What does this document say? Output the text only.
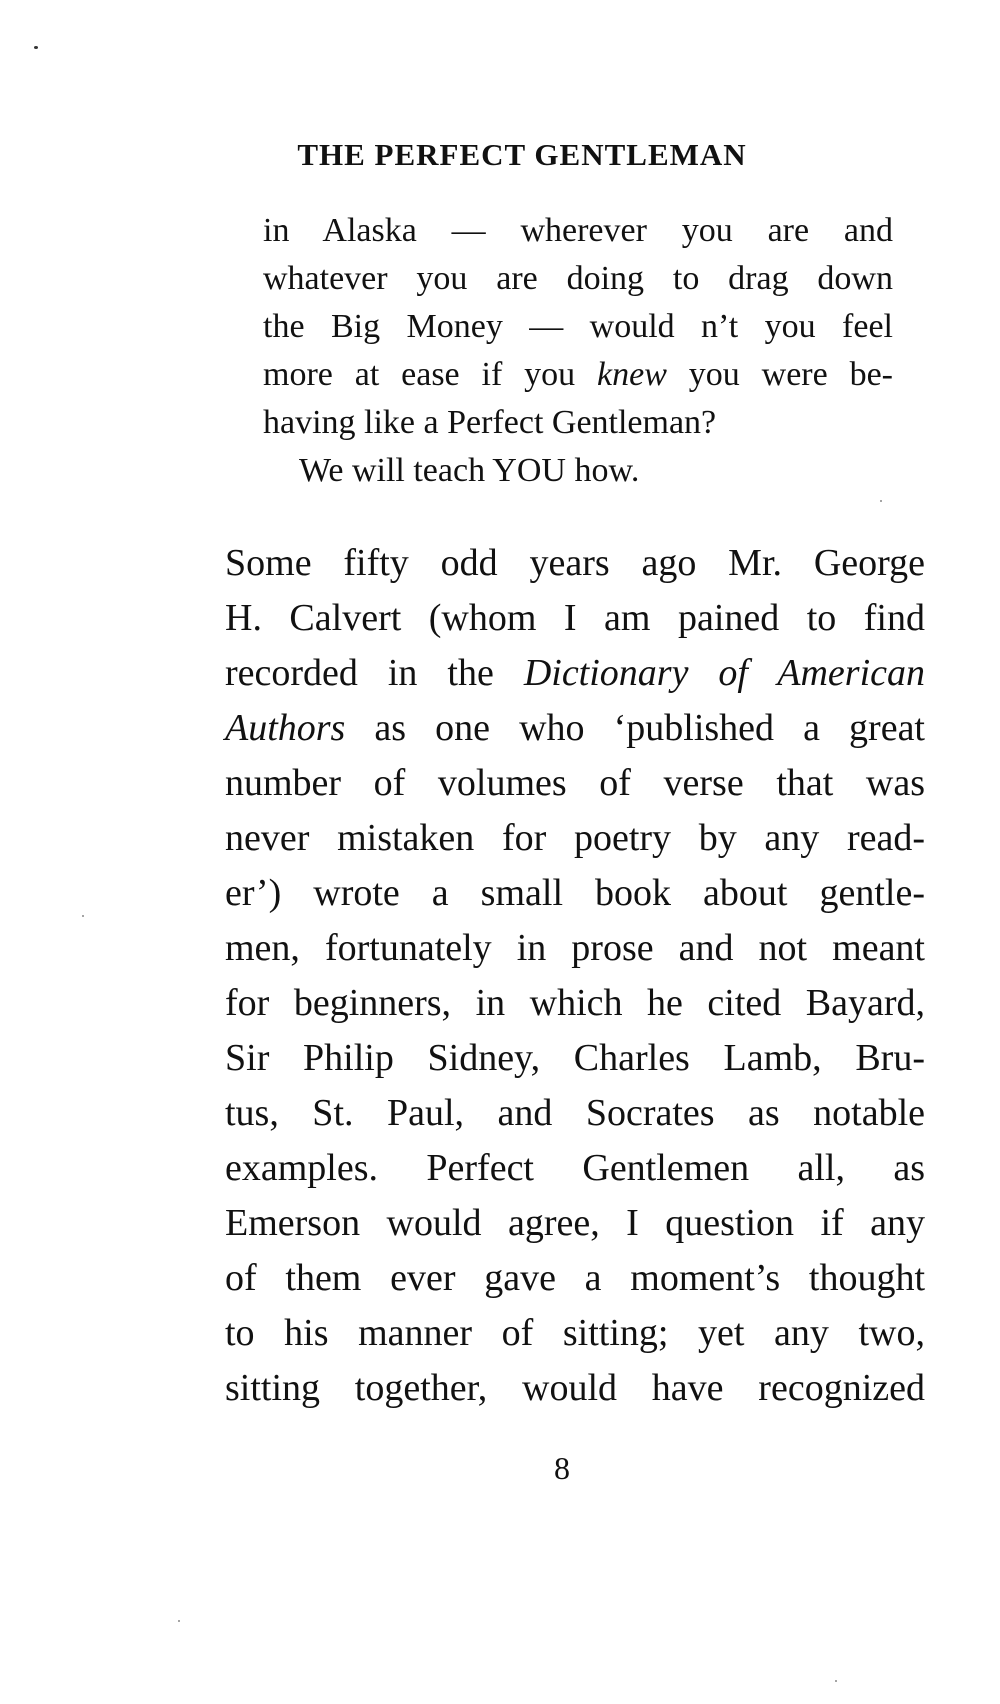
THE PERFECT GENTLEMAN
in Alaska — wherever you are and
whatever you are doing to drag down
the Big Money — would n’t you feel
more at ease if you knew you were be-
having like a Perfect Gentleman?
We will teach YOU how.
Some fifty odd years ago Mr. George
H. Calvert (whom I am pained to find
recorded in the Dictionary of American
Authors as one who ‘published a great
number of volumes of verse that was
never mistaken for poetry by any read-
er’) wrote a small book about gentle-
men, fortunately in prose and not meant
for beginners, in which he cited Bayard,
Sir Philip Sidney, Charles Lamb, Bru-
tus, St. Paul, and Socrates as notable
examples. Perfect Gentlemen all, as
Emerson would agree, I question if any
of them ever gave a moment’s thought
to his manner of sitting; yet any two,
sitting together, would have recognized
8
